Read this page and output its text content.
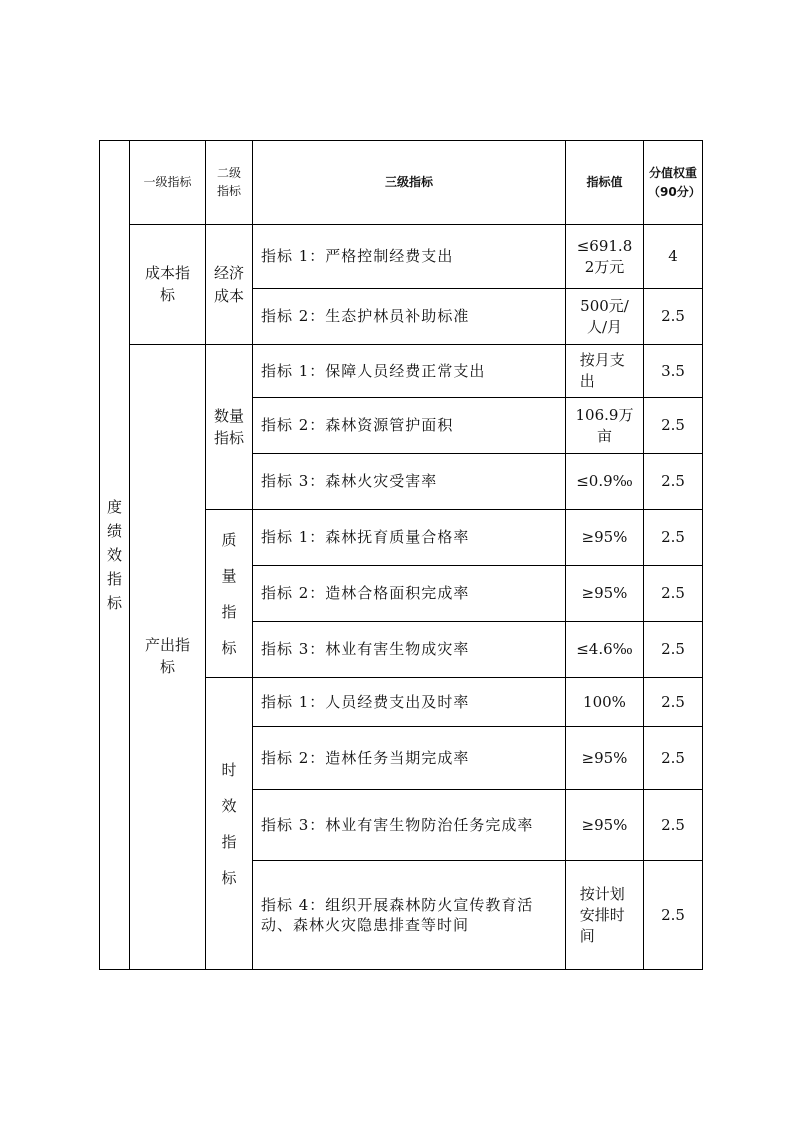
度绩效指标	一级指标	二级指标	三级指标	指标值	分值权重（90分）
	成本指标	经济成本	指标 1：严格控制经费支出	≤691.82万元	4
			指标 2：生态护林员补助标准	500元/人/月	2.5
	产出指标	数量指标	指标 1：保障人员经费正常支出	按月支出	3.5
			指标 2：森林资源管护面积	106.9万亩	2.5
			指标 3：森林火灾受害率	≤0.9‰	2.5
		质量指标	指标 1：森林抚育质量合格率	≥95%	2.5
			指标 2：造林合格面积完成率	≥95%	2.5
			指标 3：林业有害生物成灾率	≤4.6‰	2.5
		时效指标	指标 1：人员经费支出及时率	100%	2.5
			指标 2：造林任务当期完成率	≥95%	2.5
			指标 3：林业有害生物防治任务完成率	≥95%	2.5
			指标 4：组织开展森林防火宣传教育活动、森林火灾隐患排查等时间	按计划安排时间	2.5
